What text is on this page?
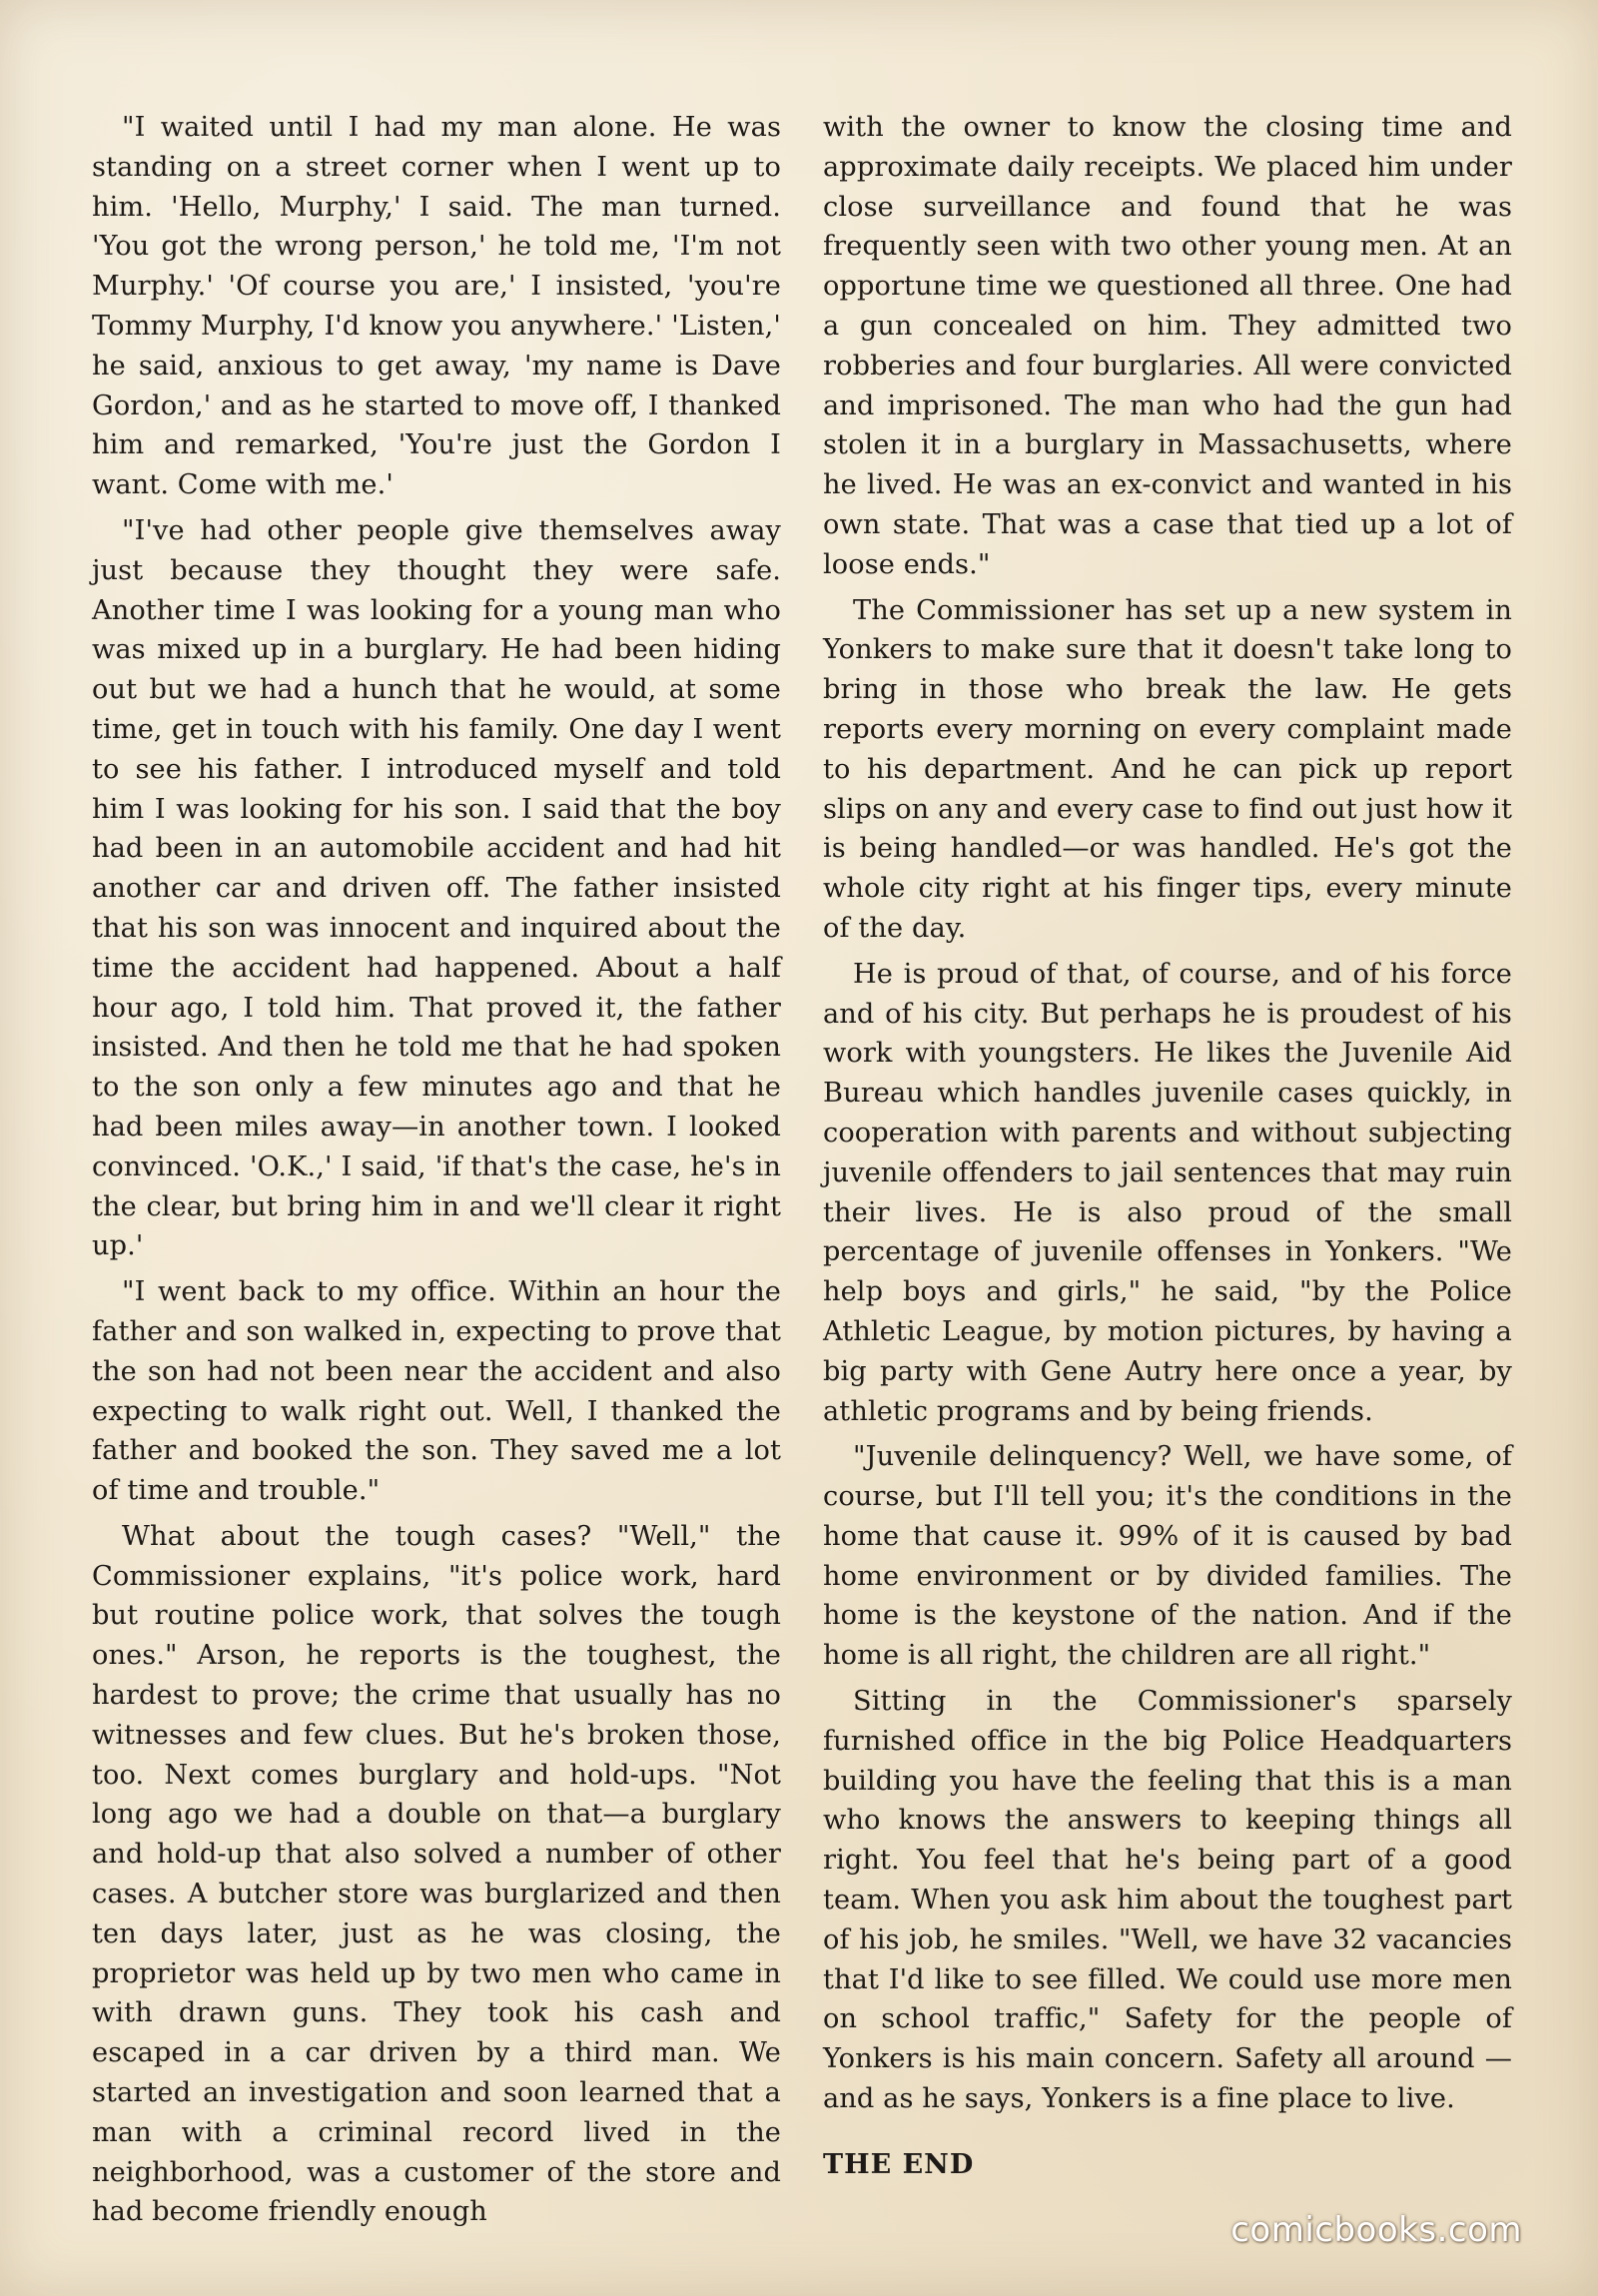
"I waited until I had my man alone. He was standing on a street corner when I went up to him. 'Hello, Murphy,' I said. The man turned. 'You got the wrong person,' he told me, 'I'm not Murphy.' 'Of course you are,' I insisted, 'you're Tommy Murphy, I'd know you anywhere.' 'Listen,' he said, anxious to get away, 'my name is Dave Gordon,' and as he started to move off, I thanked him and remarked, 'You're just the Gordon I want. Come with me.'

"I've had other people give themselves away just because they thought they were safe. Another time I was looking for a young man who was mixed up in a burglary. He had been hiding out but we had a hunch that he would, at some time, get in touch with his family. One day I went to see his father. I introduced myself and told him I was looking for his son. I said that the boy had been in an automobile accident and had hit another car and driven off. The father insisted that his son was innocent and inquired about the time the accident had happened. About a half hour ago, I told him. That proved it, the father insisted. And then he told me that he had spoken to the son only a few minutes ago and that he had been miles away—in another town. I looked convinced. 'O.K.,' I said, 'if that's the case, he's in the clear, but bring him in and we'll clear it right up.'

"I went back to my office. Within an hour the father and son walked in, expecting to prove that the son had not been near the accident and also expecting to walk right out. Well, I thanked the father and booked the son. They saved me a lot of time and trouble."

What about the tough cases? "Well," the Commissioner explains, "it's police work, hard but routine police work, that solves the tough ones." Arson, he reports is the toughest, the hardest to prove; the crime that usually has no witnesses and few clues. But he's broken those, too. Next comes burglary and hold-ups. "Not long ago we had a double on that—a burglary and hold-up that also solved a number of other cases. A butcher store was burglarized and then ten days later, just as he was closing, the proprietor was held up by two men who came in with drawn guns. They took his cash and escaped in a car driven by a third man. We started an investigation and soon learned that a man with a criminal record lived in the neighborhood, was a customer of the store and had become friendly enough

with the owner to know the closing time and approximate daily receipts. We placed him under close surveillance and found that he was frequently seen with two other young men. At an opportune time we questioned all three. One had a gun concealed on him. They admitted two robberies and four burglaries. All were convicted and imprisoned. The man who had the gun had stolen it in a burglary in Massachusetts, where he lived. He was an ex-convict and wanted in his own state. That was a case that tied up a lot of loose ends."

The Commissioner has set up a new system in Yonkers to make sure that it doesn't take long to bring in those who break the law. He gets reports every morning on every complaint made to his department. And he can pick up report slips on any and every case to find out just how it is being handled—or was handled. He's got the whole city right at his finger tips, every minute of the day.

He is proud of that, of course, and of his force and of his city. But perhaps he is proudest of his work with youngsters. He likes the Juvenile Aid Bureau which handles juvenile cases quickly, in cooperation with parents and without subjecting juvenile offenders to jail sentences that may ruin their lives. He is also proud of the small percentage of juvenile offenses in Yonkers. "We help boys and girls," he said, "by the Police Athletic League, by motion pictures, by having a big party with Gene Autry here once a year, by athletic programs and by being friends.

"Juvenile delinquency? Well, we have some, of course, but I'll tell you; it's the conditions in the home that cause it. 99% of it is caused by bad home environment or by divided families. The home is the keystone of the nation. And if the home is all right, the children are all right."

Sitting in the Commissioner's sparsely furnished office in the big Police Headquarters building you have the feeling that this is a man who knows the answers to keeping things all right. You feel that he's being part of a good team. When you ask him about the toughest part of his job, he smiles. "Well, we have 32 vacancies that I'd like to see filled. We could use more men on school traffic," Safety for the people of Yonkers is his main concern. Safety all around —and as he says, Yonkers is a fine place to live.

THE END

comicbooks.com
